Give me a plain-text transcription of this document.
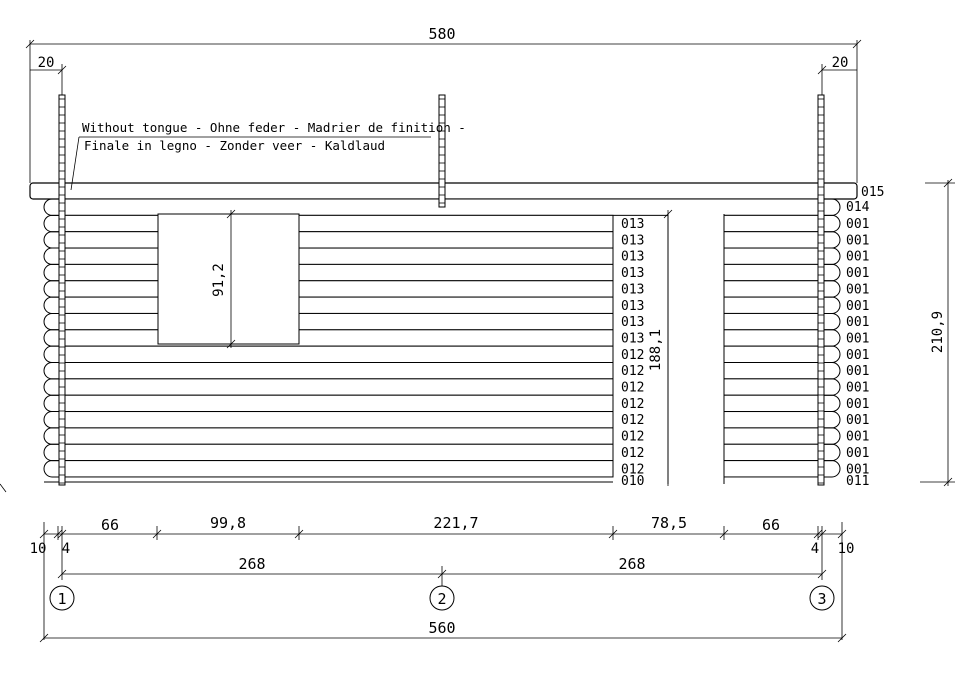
580
20	20
015
014
013
013
013
013
013
013
013
013
012
012
012
012
012
012
012
012
001
001
001
001
001
001
001
001
001
001
001
001
001
001
001
001
010	011
91,2
188,1
Without tongue - Ohne feder - Madrier de finition -
Finale in legno - Zonder veer - Kaldlaud
210,9
66	99,8	221,7	78,5	66
10 4	4 10
268	268
1	2	3
560
